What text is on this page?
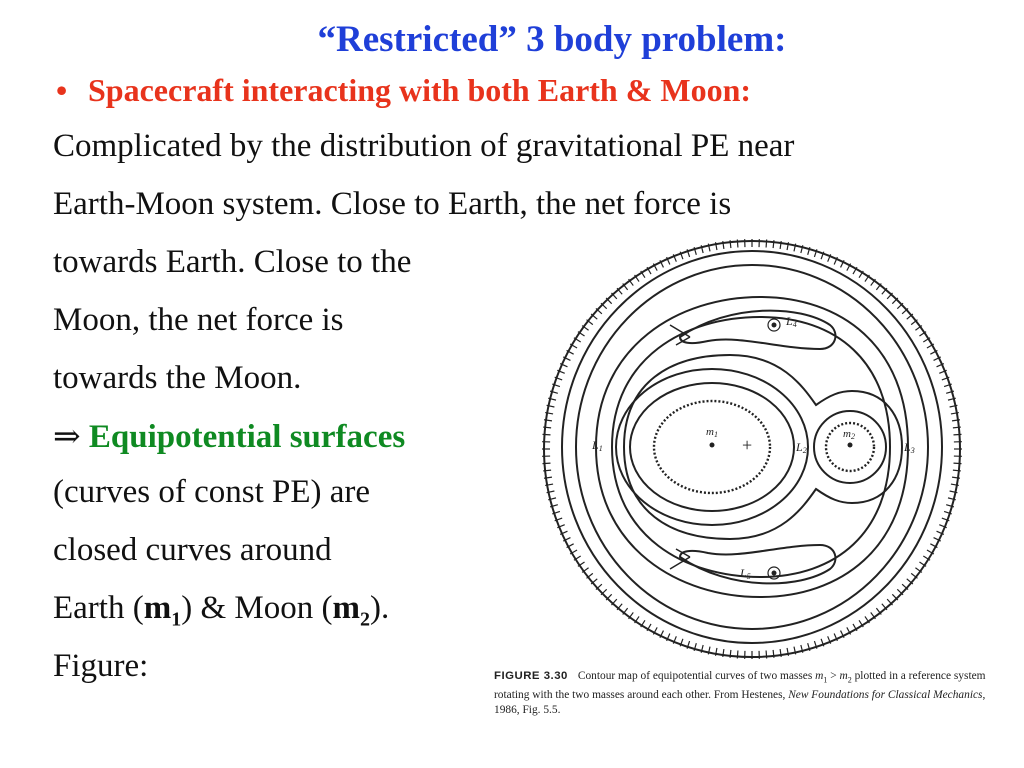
“Restricted” 3 body problem:
• Spacecraft interacting with both Earth & Moon:
Complicated by the distribution of gravitational PE near
Earth-Moon system. Close to Earth, the net force is
towards Earth. Close to the
Moon, the net force is
towards the Moon.
⇒ Equipotential surfaces
(curves of const PE) are
closed curves around
Earth $(m_1)$ & Moon $(m_2)$.
Figure:
m1	m2
+
L1	L2	L3
L4
L5
FIGURE 3.30 Contour map of equipotential curves of two masses $m_1 > m_2$ plotted in a reference system rotating with the two masses around each other. From Hestenes, New Foundations for Classical Mechanics, 1986, Fig. 5.5.
